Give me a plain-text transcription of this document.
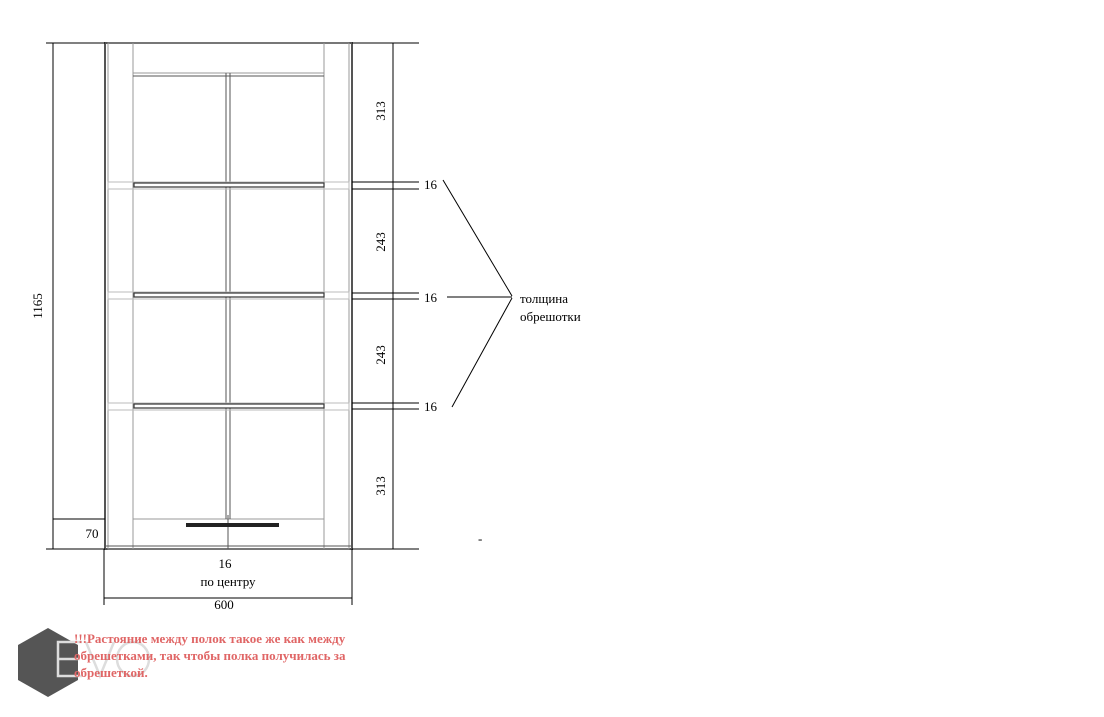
1165
70
313
243
243
313
16
16
16
толщина
обрешотки
-
16
по центру
600
!!!Растояние между полок такое же как между
обрешетками, так чтобы полка получилась за
обрешеткой.
